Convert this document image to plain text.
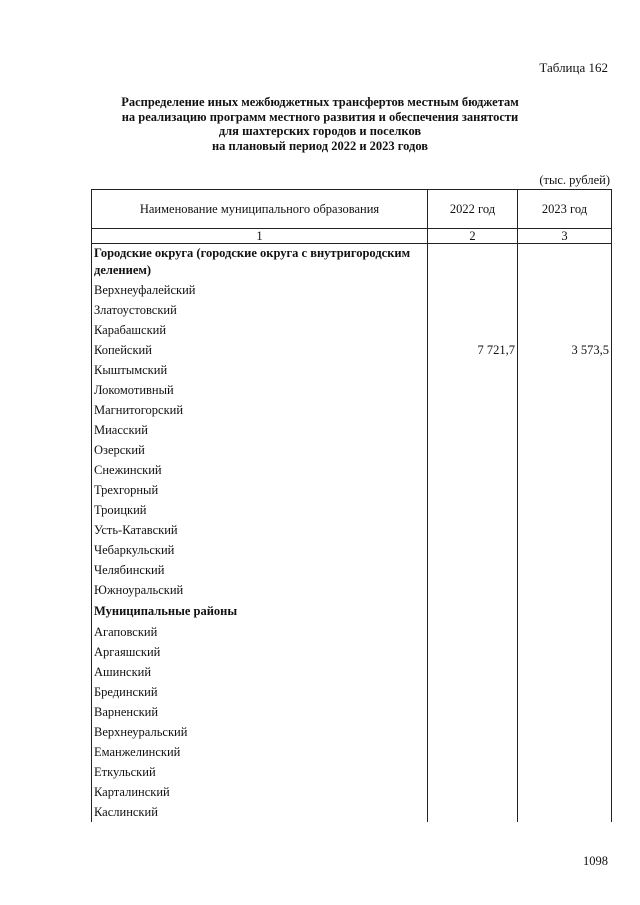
Таблица 162
Распределение иных межбюджетных трансфертов местным бюджетам
на реализацию программ местного развития и обеспечения занятости
для шахтерских городов и поселков
на плановый период 2022 и 2023 годов
(тыс. рублей)
Наименование муниципального образования	2022 год	2023 год
1	2	3
Городские округа (городские округа с внутригородским делением)		
Верхнеуфалейский		
Златоустовский		
Карабашский		
Копейский	7 721,7	3 573,5
Кыштымский		
Локомотивный		
Магнитогорский		
Миасский		
Озерский		
Снежинский		
Трехгорный		
Троицкий		
Усть-Катавский		
Чебаркульский		
Челябинский		
Южноуральский		
Муниципальные районы		
Агаповский		
Аргаяшский		
Ашинский		
Брединский		
Варненский		
Верхнеуральский		
Еманжелинский		
Еткульский		
Карталинский		
Каслинский		
1098
